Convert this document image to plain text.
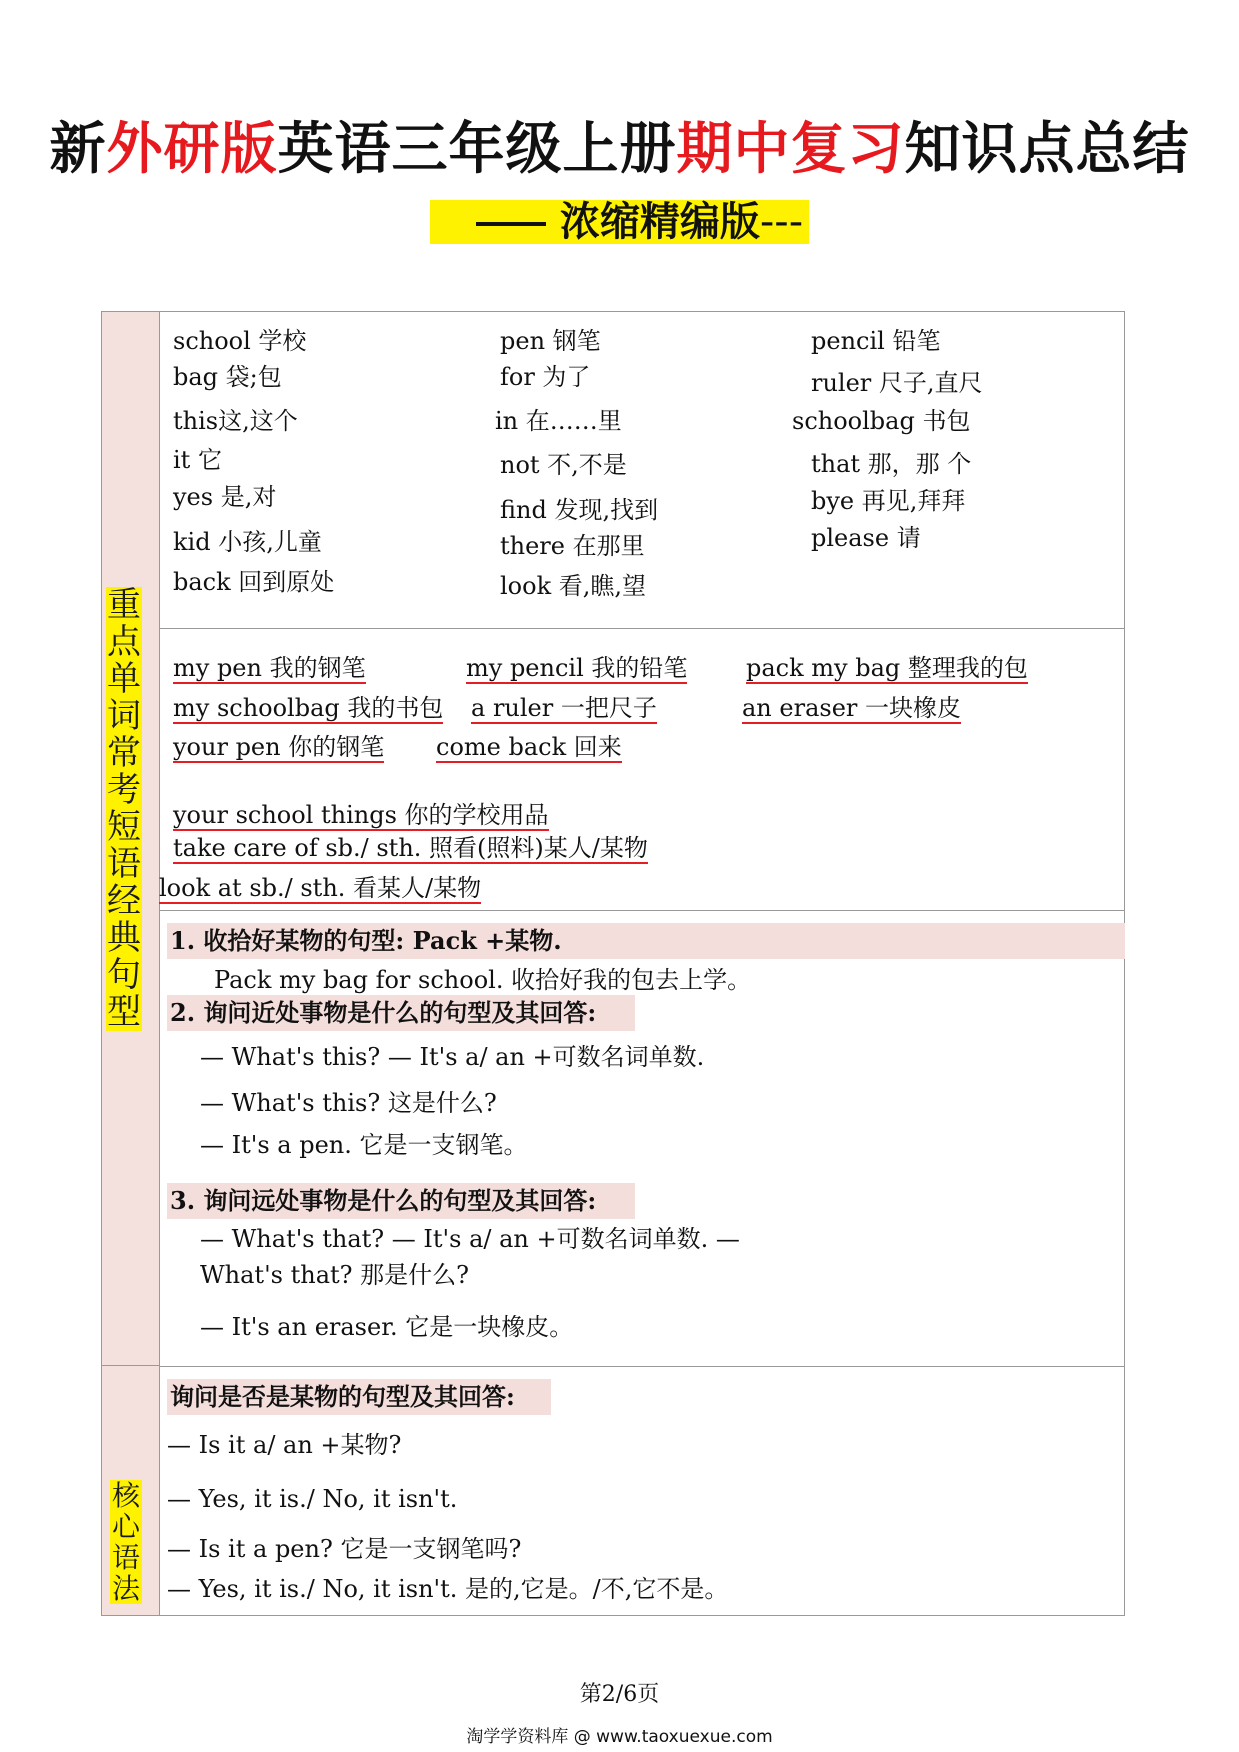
新外研版英语三年级上册期中复习知识点总结
浓缩精编版---
重点单词常考短语经典句型
核心语法
school 学校
bag 袋;包
this这,这个
it 它
yes 是,对
kid 小孩,儿童
back 回到原处
pen 钢笔
for 为了
in 在……里
not 不,不是
find 发现,找到
there 在那里
look 看,瞧,望
pencil 铅笔
ruler 尺子,直尺
schoolbag 书包
that 那，那 个
bye 再见,拜拜
please 请
my pen 我的钢笔	my pencil 我的铅笔 pack my bag 整理我的包
my schoolbag 我的书包 a ruler 一把尺子	an eraser 一块橡皮
your pen 你的钢笔 come back 回来
your school things 你的学校用品
take care of sb./ sth. 照看(照料)某人/某物
look at sb./ sth. 看某人/某物
1. 收拾好某物的句型: Pack +某物.
Pack my bag for school. 收拾好我的包去上学。
2. 询问近处事物是什么的句型及其回答:
— What's this? — It's a/ an +可数名词单数.
— What's this? 这是什么?
— It's a pen. 它是一支钢笔。
3. 询问远处事物是什么的句型及其回答:
— What's that? — It's a/ an +可数名词单数. —
What's that? 那是什么?
— It's an eraser. 它是一块橡皮。
询问是否是某物的句型及其回答:
— Is it a/ an +某物?
— Yes, it is./ No, it isn't.
— Is it a pen? 它是一支钢笔吗?
— Yes, it is./ No, it isn't. 是的,它是。/不,它不是。
第2/6页
淘学学资料库 @ www.taoxuexue.com
